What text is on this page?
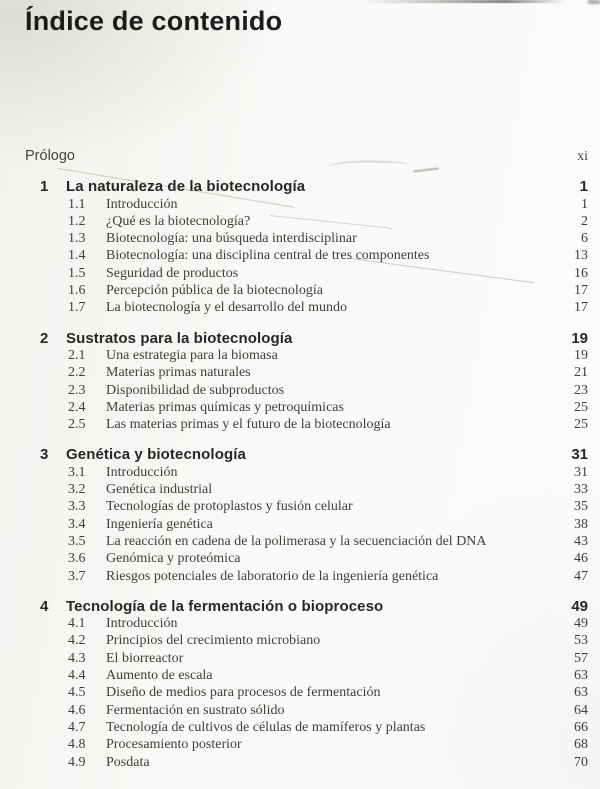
Índice de contenido
Prólogo	xi
1	La naturaleza de la biotecnología	1
1.1	Introducción	1
1.2	¿Qué es la biotecnología?	2
1.3	Biotecnología: una búsqueda interdisciplinar	6
1.4	Biotecnología: una disciplina central de tres componentes	13
1.5	Seguridad de productos	16
1.6	Percepción pública de la biotecnología	17
1.7	La biotecnología y el desarrollo del mundo	17
2	Sustratos para la biotecnología	19
2.1	Una estrategia para la biomasa	19
2.2	Materias primas naturales	21
2.3	Disponibilidad de subproductos	23
2.4	Materias primas químicas y petroquímicas	25
2.5	Las materias primas y el futuro de la biotecnología	25
3	Genética y biotecnología	31
3.1	Introducción	31
3.2	Genética industrial	33
3.3	Tecnologías de protoplastos y fusión celular	35
3.4	Ingeniería genética	38
3.5	La reacción en cadena de la polimerasa y la secuenciación del DNA	43
3.6	Genómica y proteómica	46
3.7	Riesgos potenciales de laboratorio de la ingeniería genética	47
4	Tecnología de la fermentación o bioproceso	49
4.1	Introducción	49
4.2	Principios del crecimiento microbiano	53
4.3	El biorreactor	57
4.4	Aumento de escala	63
4.5	Diseño de medios para procesos de fermentación	63
4.6	Fermentación en sustrato sólido	64
4.7	Tecnología de cultivos de células de mamíferos y plantas	66
4.8	Procesamiento posterior	68
4.9	Posdata	70
